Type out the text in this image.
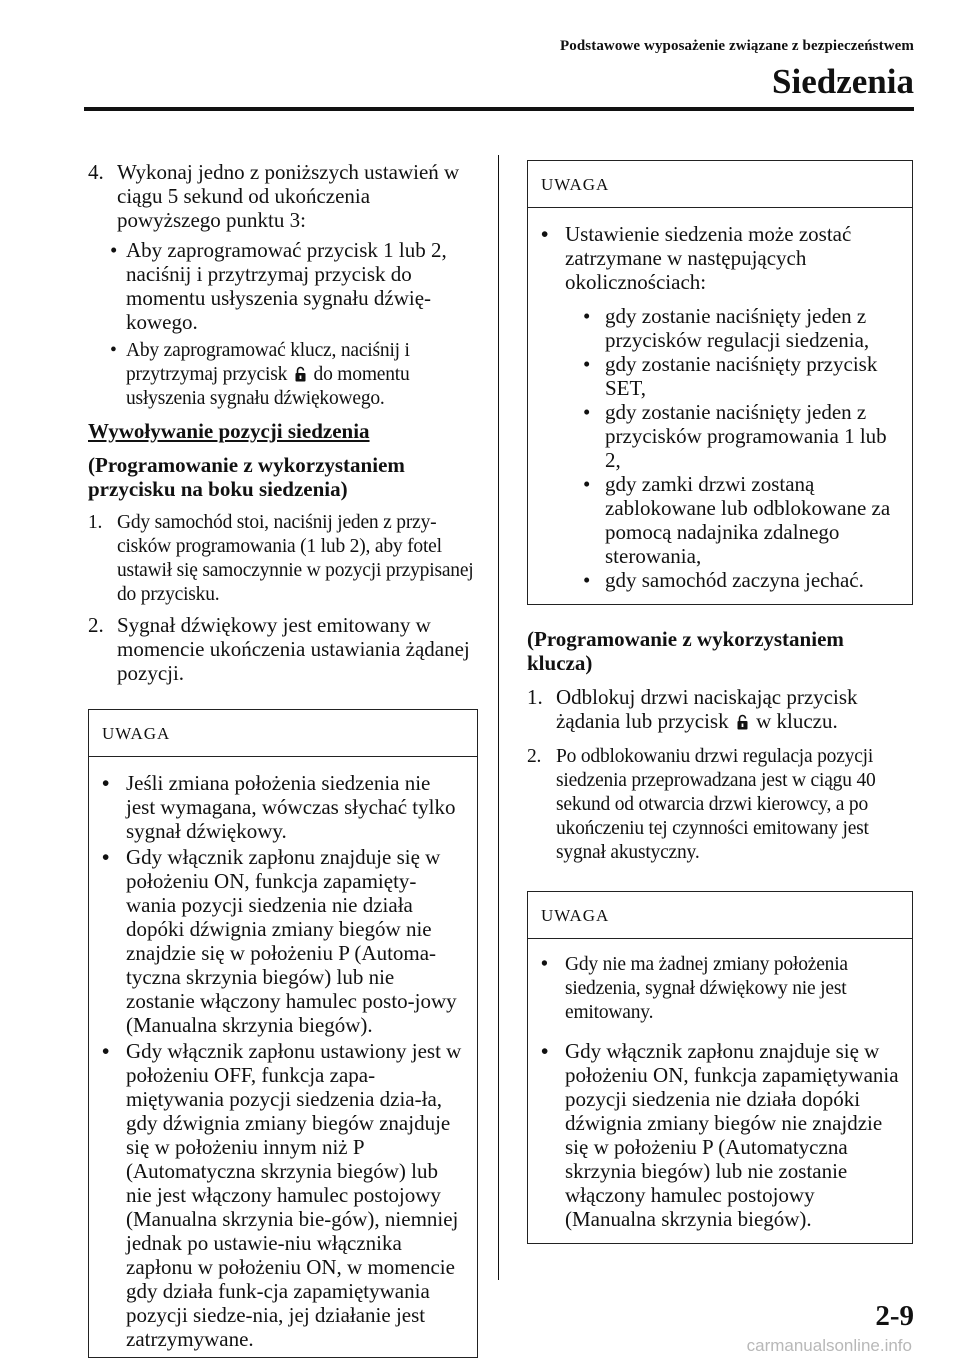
Podstawowe wyposażenie związane z bezpieczeństwem
Siedzenia
4. Wykonaj jedno z poniższych ustawień w ciągu 5 sekund od ukończenia powyższego punktu 3:
• Aby zaprogramować przycisk 1 lub 2, naciśnij i przytrzymaj przycisk do momentu usłyszenia sygnału dźwię-kowego.
• Aby zaprogramować klucz, naciśnij i przytrzymaj przycisk do momentu usłyszenia sygnału dźwiękowego.
Wywoływanie pozycji siedzenia
(Programowanie z wykorzystaniem przycisku na boku siedzenia)
1. Gdy samochód stoi, naciśnij jeden z przy-cisków programowania (1 lub 2), aby fotel ustawił się samoczynnie w pozycji przypisanej do przycisku.
2. Sygnał dźwiękowy jest emitowany w momencie ukończenia ustawiania żądanej pozycji.
UWAGA
• Jeśli zmiana położenia siedzenia nie jest wymagana, wówczas słychać tylko sygnał dźwiękowy.
• Gdy włącznik zapłonu znajduje się w położeniu ON, funkcja zapamięty-wania pozycji siedzenia nie działa dopóki dźwignia zmiany biegów nie znajdzie się w położeniu P (Automa-tyczna skrzynia biegów) lub nie zostanie włączony hamulec posto-jowy (Manualna skrzynia biegów).
• Gdy włącznik zapłonu ustawiony jest w położeniu OFF, funkcja zapa-miętywania pozycji siedzenia dzia-ła, gdy dźwignia zmiany biegów znajduje się w położeniu innym niż P (Automatyczna skrzynia biegów) lub nie jest włączony hamulec postojowy (Manualna skrzynia bie-gów), niemniej jednak po ustawie-niu włącznika zapłonu w położeniu ON, w momencie gdy działa funk-cja zapamiętywania pozycji siedze-nia, jej działanie jest zatrzymywane.
UWAGA
• Ustawienie siedzenia może zostać zatrzymane w następujących okolicznościach:
• gdy zostanie naciśnięty jeden z przycisków regulacji siedzenia,
• gdy zostanie naciśnięty przycisk SET,
• gdy zostanie naciśnięty jeden z przycisków programowania 1 lub 2,
• gdy zamki drzwi zostaną zablokowane lub odblokowane za pomocą nadajnika zdalnego sterowania,
• gdy samochód zaczyna jechać.
(Programowanie z wykorzystaniem klucza)
1. Odblokuj drzwi naciskając przycisk żądania lub przycisk w kluczu.
2. Po odblokowaniu drzwi regulacja pozycji siedzenia przeprowadzana jest w ciągu 40 sekund od otwarcia drzwi kierowcy, a po ukończeniu tej czynności emitowany jest sygnał akustyczny.
UWAGA
• Gdy nie ma żadnej zmiany położenia siedzenia, sygnał dźwiękowy nie jest emitowany.
• Gdy włącznik zapłonu znajduje się w położeniu ON, funkcja zapamiętywania pozycji siedzenia nie działa dopóki dźwignia zmiany biegów nie znajdzie się w położeniu P (Automatyczna skrzynia biegów) lub nie zostanie włączony hamulec postojowy (Manualna skrzynia biegów).
2-9
carmanualsonline.info
